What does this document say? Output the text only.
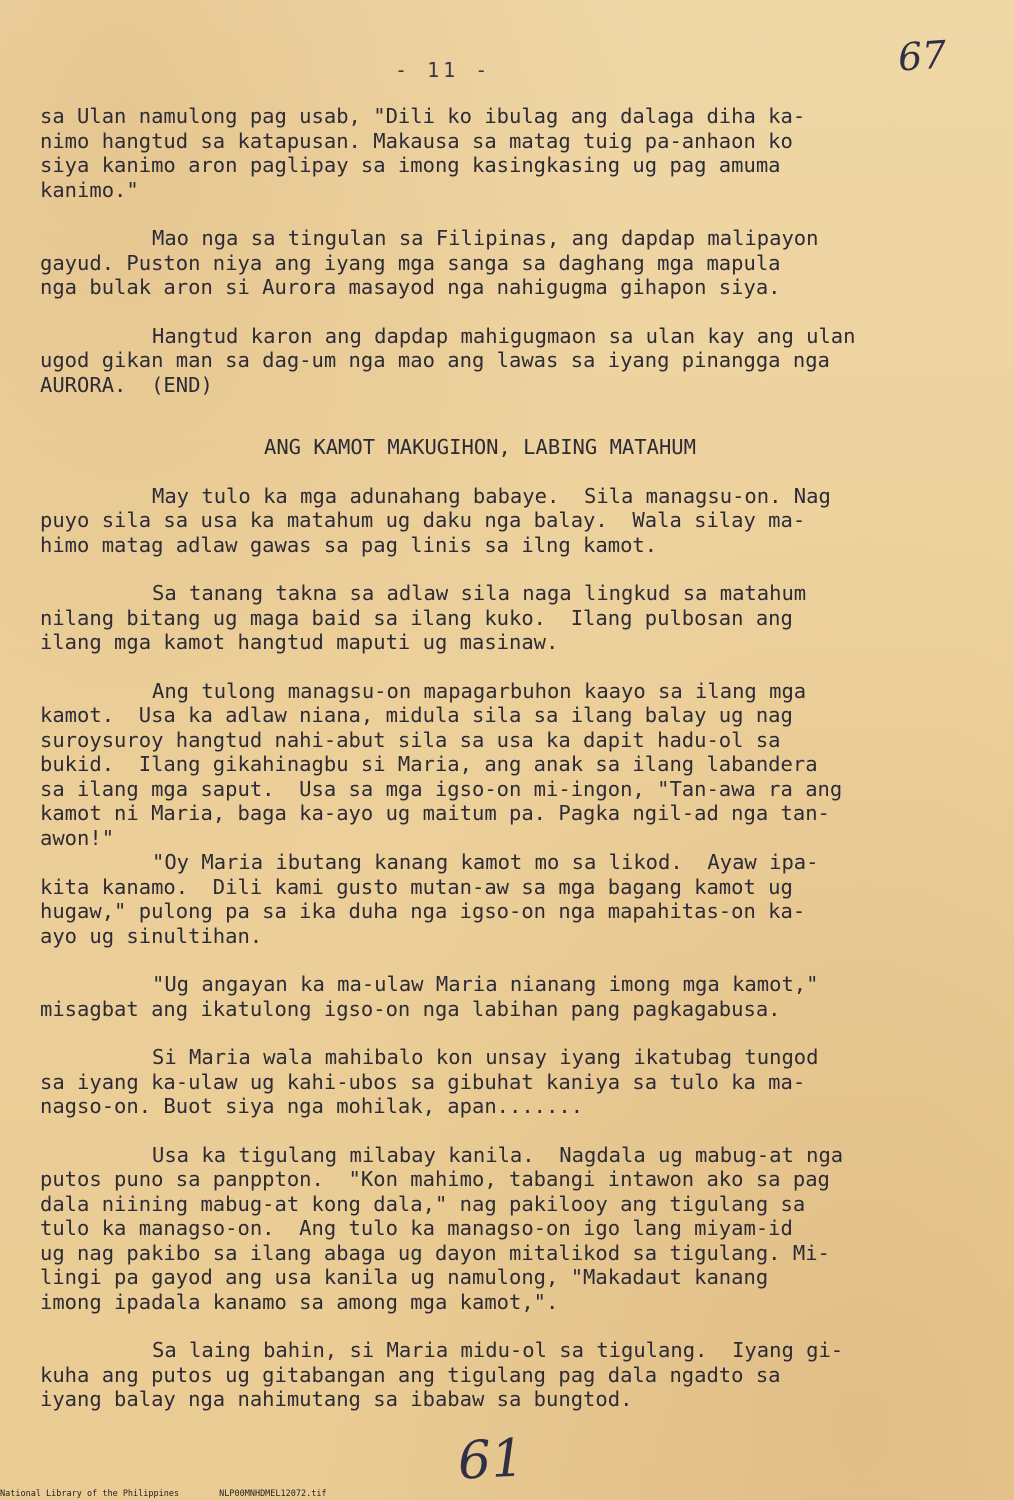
- 11 -	67
sa Ulan namulong pag usab, "Dili ko ibulag ang dalaga diha ka-
nimo hangtud sa katapusan. Makausa sa matag tuig pa-anhaon ko
siya kanimo aron paglipay sa imong kasingkasing ug pag amuma
kanimo."
Mao nga sa tingulan sa Filipinas, ang dapdap malipayon
gayud. Puston niya ang iyang mga sanga sa daghang mga mapula
nga bulak aron si Aurora masayod nga nahigugma gihapon siya.
Hangtud karon ang dapdap mahigugmaon sa ulan kay ang ulan
ugod gikan man sa dag-um nga mao ang lawas sa iyang pinangga nga
AURORA.  (END)
ANG KAMOT MAKUGIHON, LABING MATAHUM
May tulo ka mga adunahang babaye.  Sila managsu-on. Nag
puyo sila sa usa ka matahum ug daku nga balay.  Wala silay ma-
himo matag adlaw gawas sa pag linis sa ilng kamot.
Sa tanang takna sa adlaw sila naga lingkud sa matahum
nilang bitang ug maga baid sa ilang kuko.  Ilang pulbosan ang
ilang mga kamot hangtud maputi ug masinaw.
Ang tulong managsu-on mapagarbuhon kaayo sa ilang mga
kamot.  Usa ka adlaw niana, midula sila sa ilang balay ug nag
suroysuroy hangtud nahi-abut sila sa usa ka dapit hadu-ol sa
bukid.  Ilang gikahinagbu si Maria, ang anak sa ilang labandera
sa ilang mga saput.  Usa sa mga igso-on mi-ingon, "Tan-awa ra ang
kamot ni Maria, baga ka-ayo ug maitum pa. Pagka ngil-ad nga tan-
awon!"
"Oy Maria ibutang kanang kamot mo sa likod.  Ayaw ipa-
kita kanamo.  Dili kami gusto mutan-aw sa mga bagang kamot ug
hugaw," pulong pa sa ika duha nga igso-on nga mapahitas-on ka-
ayo ug sinultihan.
"Ug angayan ka ma-ulaw Maria nianang imong mga kamot,"
misagbat ang ikatulong igso-on nga labihan pang pagkagabusa.
Si Maria wala mahibalo kon unsay iyang ikatubag tungod
sa iyang ka-ulaw ug kahi-ubos sa gibuhat kaniya sa tulo ka ma-
nagso-on. Buot siya nga mohilak, apan.......
Usa ka tigulang milabay kanila.  Nagdala ug mabug-at nga
putos puno sa panppton.  "Kon mahimo, tabangi intawon ako sa pag
dala niining mabug-at kong dala," nag pakilooy ang tigulang sa
tulo ka managso-on.  Ang tulo ka managso-on igo lang miyam-id
ug nag pakibo sa ilang abaga ug dayon mitalikod sa tigulang. Mi-
lingi pa gayod ang usa kanila ug namulong, "Makadaut kanang
imong ipadala kanamo sa among mga kamot,".
Sa laing bahin, si Maria midu-ol sa tigulang.  Iyang gi-
kuha ang putos ug gitabangan ang tigulang pag dala ngadto sa
iyang balay nga nahimutang sa ibabaw sa bungtod.
61
National Library of the Philippines	NLP00MNHDMEL12072.tif
